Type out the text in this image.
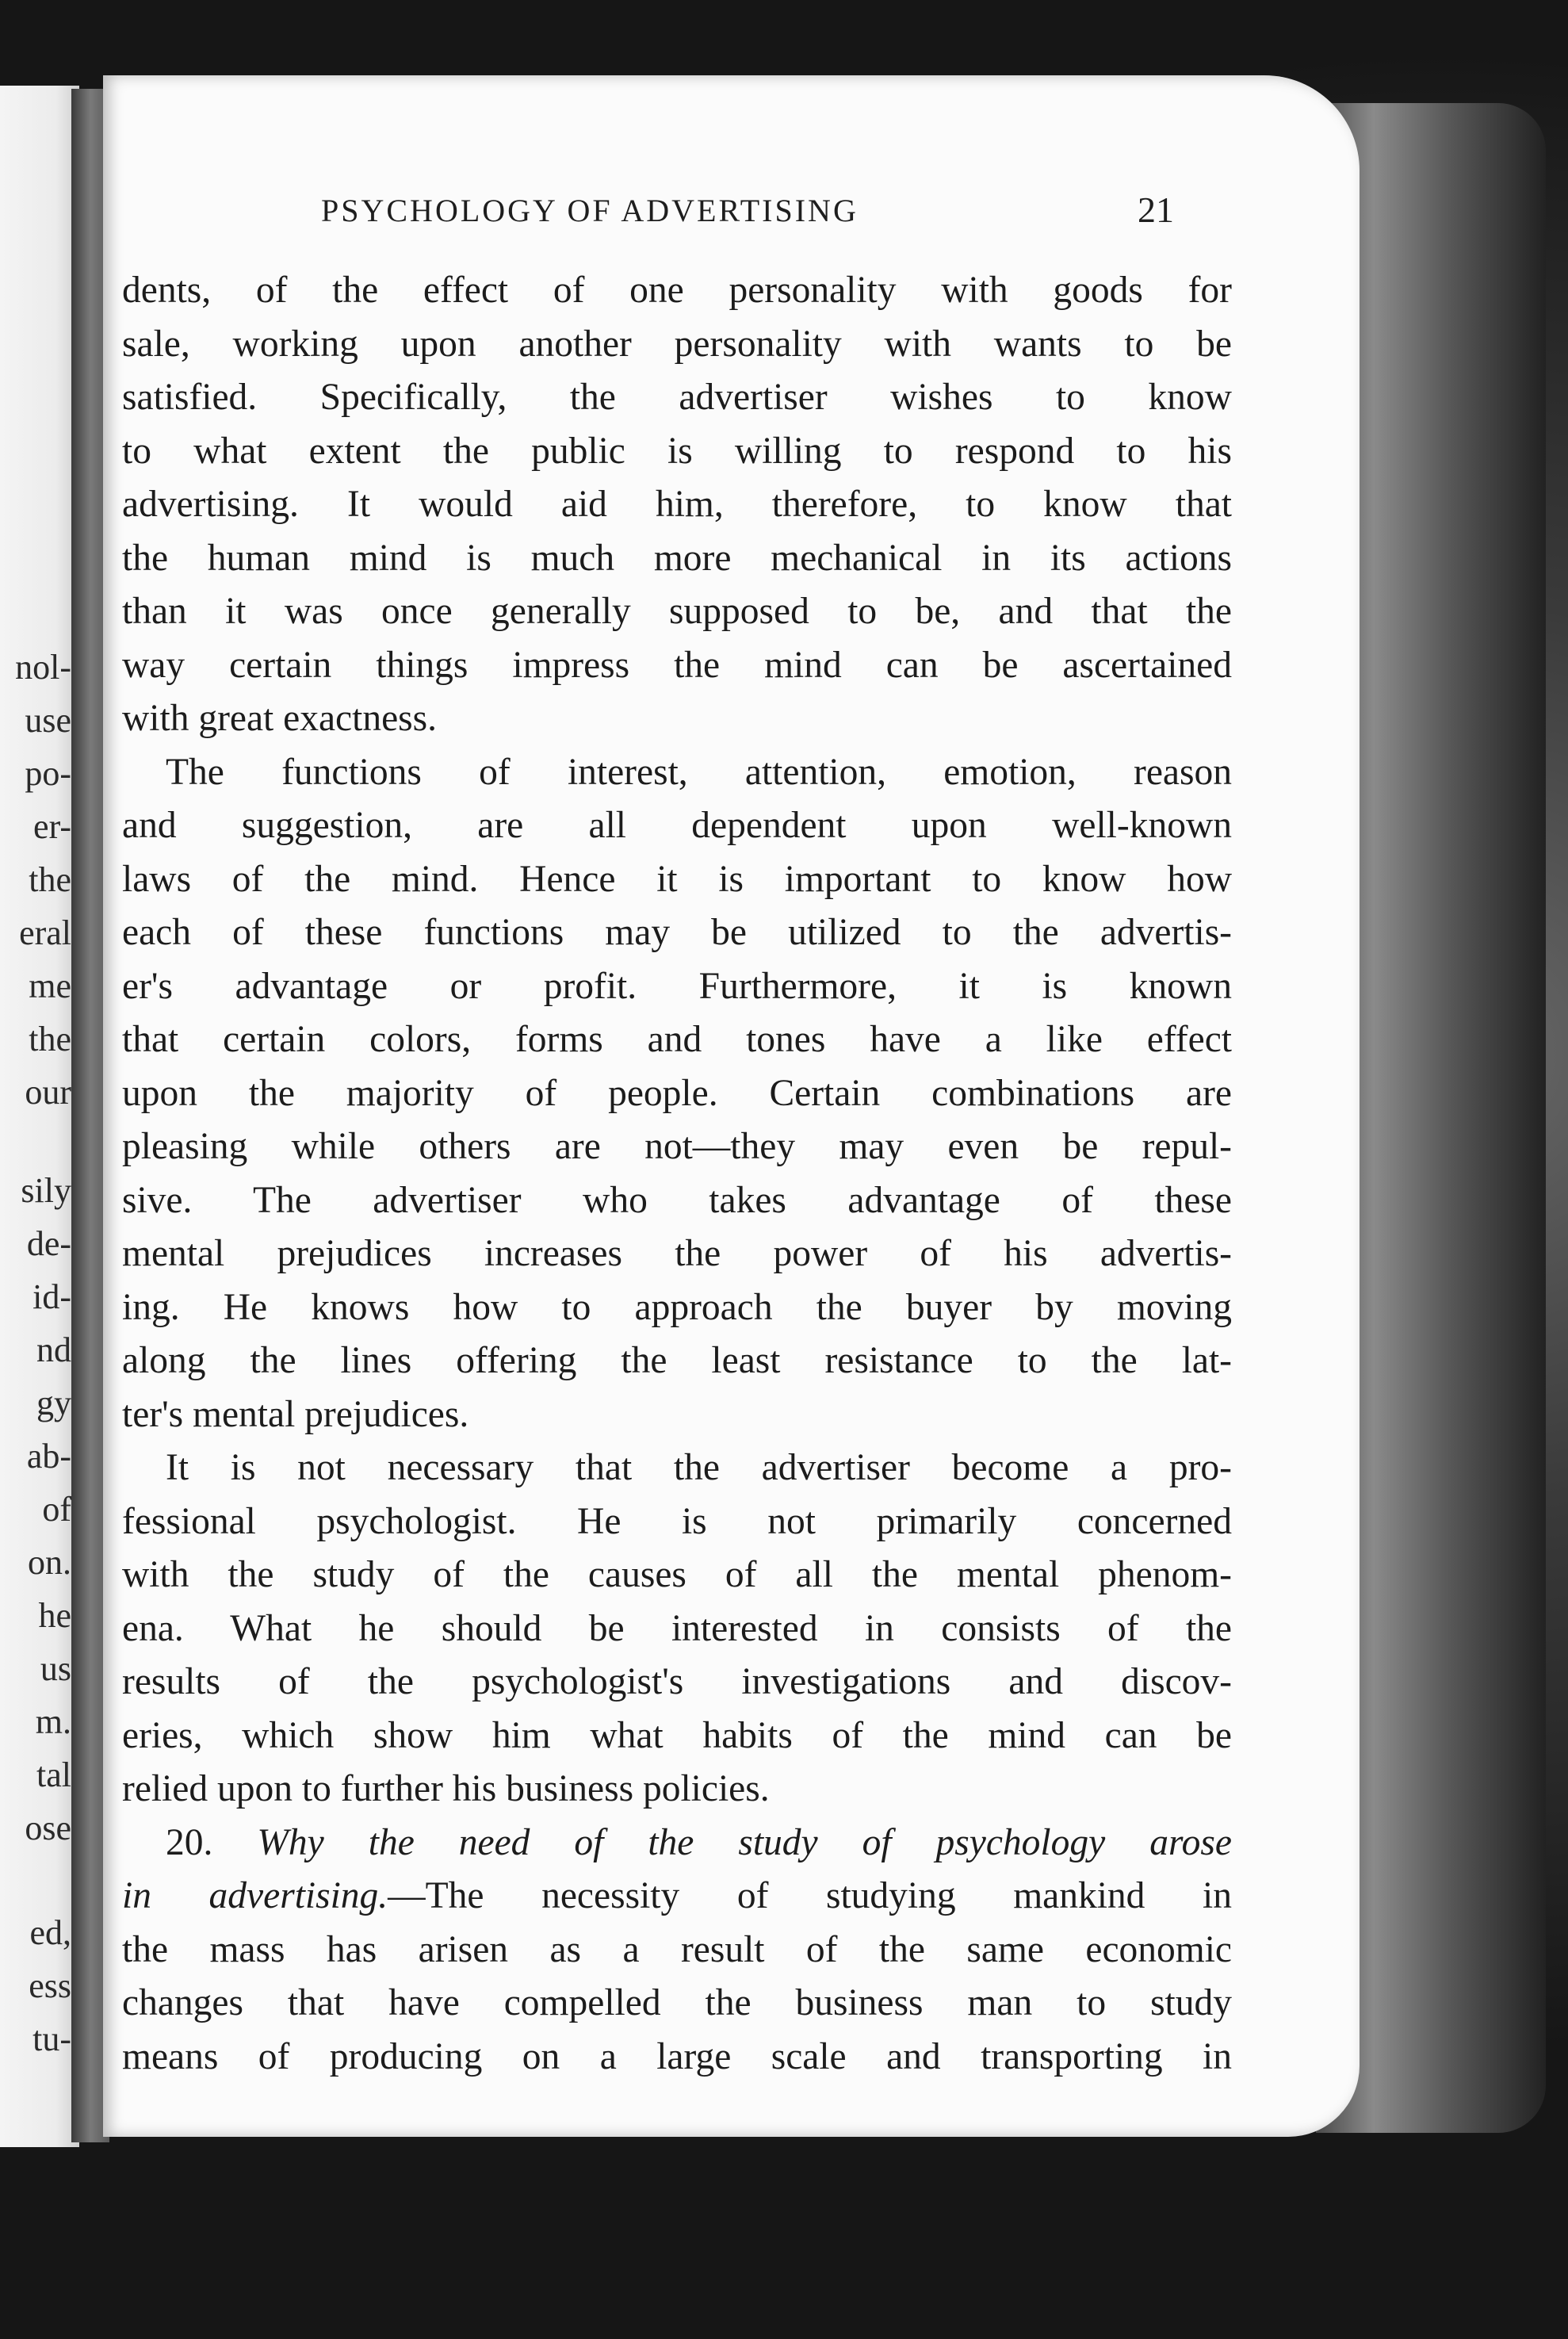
nol-
use
po-
er-
the
eral
me
the
our
sily
de-
id-
nd
gy
ab-
of
on.
he
us
m.
tal
ose
ed,
ess
tu-
PSYCHOLOGY OF ADVERTISING	21
dents, of the effect of one personality with goods for
sale, working upon another personality with wants to be
satisfied. Specifically, the advertiser wishes to know
to what extent the public is willing to respond to his
advertising. It would aid him, therefore, to know that
the human mind is much more mechanical in its actions
than it was once generally supposed to be, and that the
way certain things impress the mind can be ascertained
with great exactness.
The functions of interest, attention, emotion, reason
and suggestion, are all dependent upon well-known
laws of the mind. Hence it is important to know how
each of these functions may be utilized to the advertis-
er's advantage or profit. Furthermore, it is known
that certain colors, forms and tones have a like effect
upon the majority of people. Certain combinations are
pleasing while others are not—they may even be repul-
sive. The advertiser who takes advantage of these
mental prejudices increases the power of his advertis-
ing. He knows how to approach the buyer by moving
along the lines offering the least resistance to the lat-
ter's mental prejudices.
It is not necessary that the advertiser become a pro-
fessional psychologist. He is not primarily concerned
with the study of the causes of all the mental phenom-
ena. What he should be interested in consists of the
results of the psychologist's investigations and discov-
eries, which show him what habits of the mind can be
relied upon to further his business policies.
20. Why the need of the study of psychology arose
in advertising.—The necessity of studying mankind in
the mass has arisen as a result of the same economic
changes that have compelled the business man to study
means of producing on a large scale and transporting in
